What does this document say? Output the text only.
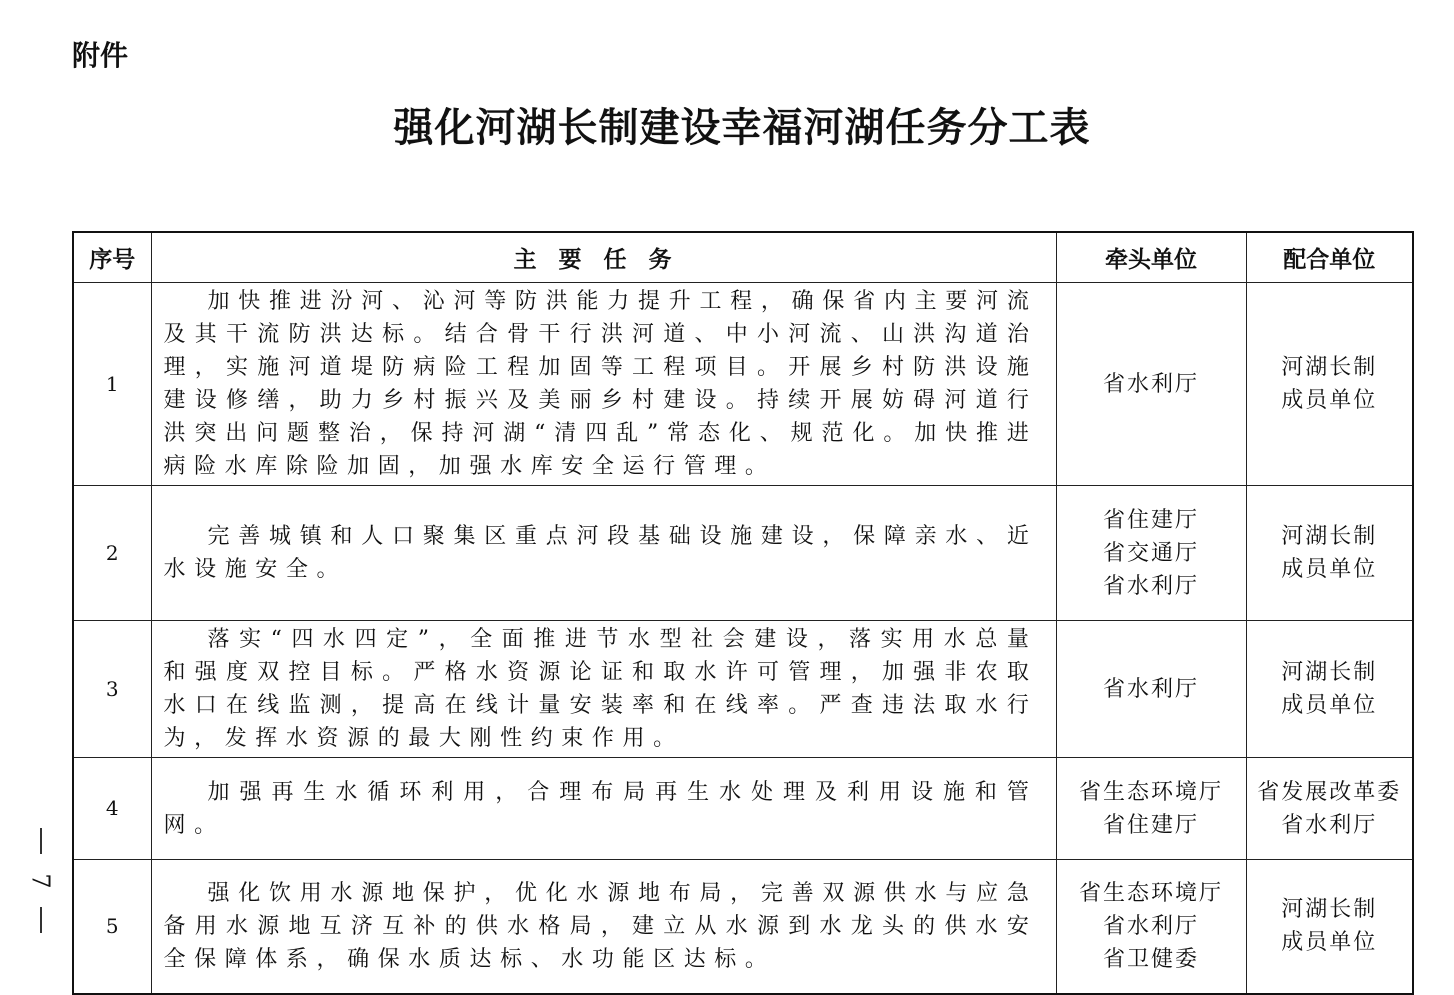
附件
强化河湖长制建设幸福河湖任务分工表
序号	主要任务	牵头单位	配合单位
1	加快推进汾河、沁河等防洪能力提升工程，确保省内主要河流及其干流防洪达标。结合骨干行洪河道、中小河流、山洪沟道治理，实施河道堤防病险工程加固等工程项目。开展乡村防洪设施建设修缮，助力乡村振兴及美丽乡村建设。持续开展妨碍河道行洪突出问题整治，保持河湖“清四乱”常态化、规范化。加快推进病险水库除险加固，加强水库安全运行管理。	省水利厅	河湖长制
成员单位

2	完善城镇和人口聚集区重点河段基础设施建设，保障亲水、近水设施安全。	省住建厅
省交通厅
省水利厅	河湖长制
成员单位

3	落实“四水四定”，全面推进节水型社会建设，落实用水总量和强度双控目标。严格水资源论证和取水许可管理，加强非农取水口在线监测，提高在线计量安装率和在线率。严查违法取水行为，发挥水资源的最大刚性约束作用。	省水利厅	河湖长制
成员单位

4	加强再生水循环利用，合理布局再生水处理及利用设施和管网。	省生态环境厅
省住建厅	省发展改革委
省水利厅

5	强化饮用水源地保护，优化水源地布局，完善双源供水与应急备用水源地互济互补的供水格局，建立从水源到水龙头的供水安全保障体系，确保水质达标、水功能区达标。	省生态环境厅
省水利厅
省卫健委	河湖长制
成员单位
7
